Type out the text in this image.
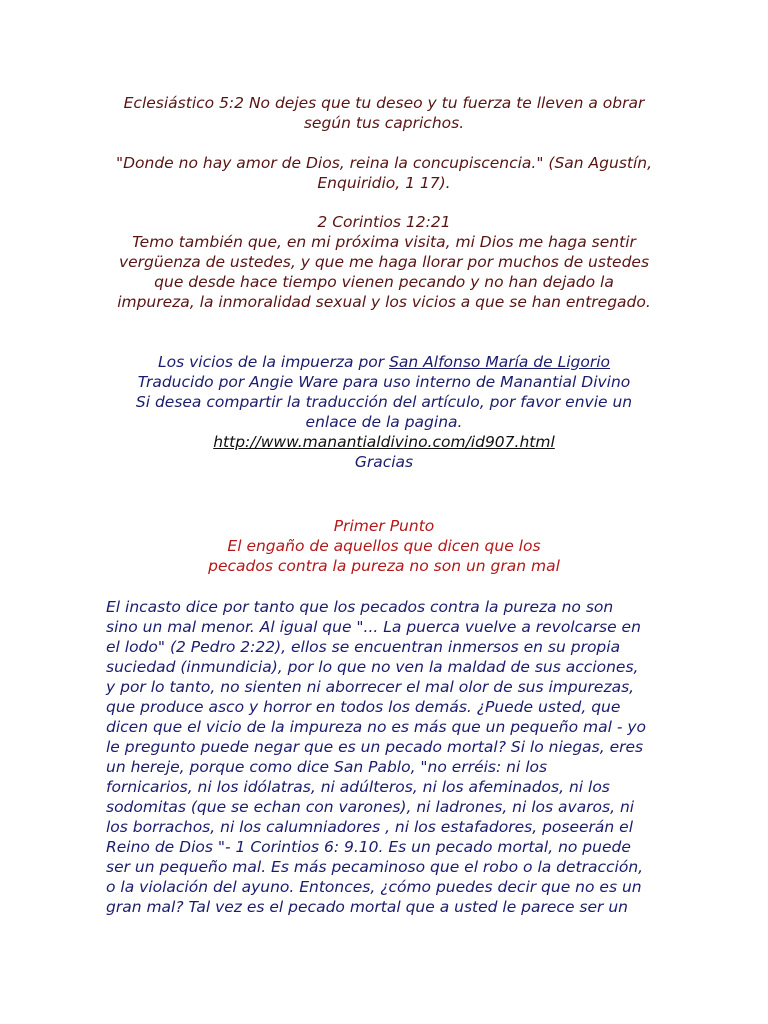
Eclesiástico 5:2 No dejes que tu deseo y tu fuerza te lleven a obrar
según tus caprichos.
"Donde no hay amor de Dios, reina la concupiscencia." (San Agustín,
Enquiridio, 1 17).
2 Corintios 12:21
Temo también que, en mi próxima visita, mi Dios me haga sentir
vergüenza de ustedes, y que me haga llorar por muchos de ustedes
que desde hace tiempo vienen pecando y no han dejado la
impureza, la inmoralidad sexual y los vicios a que se han entregado.
Los vicios de la impuerza por San Alfonso María de Ligorio
Traducido por Angie Ware para uso interno de Manantial Divino
Si desea compartir la traducción del artículo, por favor envie un
enlace de la pagina.
http://www.manantialdivino.com/id907.html
Gracias
Primer Punto
El engaño de aquellos que dicen que los
pecados contra la pureza no son un gran mal
El incasto dice por tanto que los pecados contra la pureza no son
sino un mal menor. Al igual que "... La puerca vuelve a revolcarse en
el lodo" (2 Pedro 2:22), ellos se encuentran inmersos en su propia
suciedad (inmundicia), por lo que no ven la maldad de sus acciones,
y por lo tanto, no sienten ni aborrecer el mal olor de sus impurezas,
que produce asco y horror en todos los demás. ¿Puede usted, que
dicen que el vicio de la impureza no es más que un pequeño mal - yo
le pregunto puede negar que es un pecado mortal? Si lo niegas, eres
un hereje, porque como dice San Pablo, "no erréis: ni los
fornicarios, ni los idólatras, ni adúlteros, ni los afeminados, ni los
sodomitas (que se echan con varones), ni ladrones, ni los avaros, ni
los borrachos, ni los calumniadores , ni los estafadores, poseerán el
Reino de Dios "- 1 Corintios 6: 9.10. Es un pecado mortal, no puede
ser un pequeño mal. Es más pecaminoso que el robo o la detracción,
o la violación del ayuno. Entonces, ¿cómo puedes decir que no es un
gran mal? Tal vez es el pecado mortal que a usted le parece ser un
